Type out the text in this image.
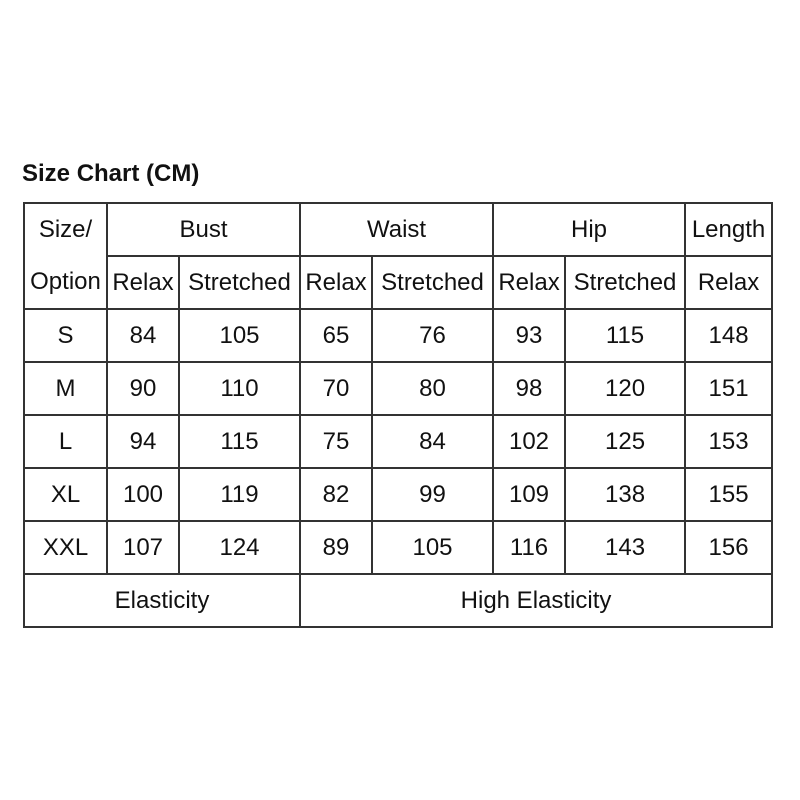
Size Chart (CM)
Size/	Bust		Waist		Hip		Length
Option	Relax	Stretched	Relax	Stretched	Relax	Stretched	Relax
S	84	105	65	76	93	115	148
M	90	110	70	80	98	120	151
L	94	115	75	84	102	125	153
XL	100	119	82	99	109	138	155
XXL	107	124	89	105	116	143	156
Elasticity			High Elasticity				
